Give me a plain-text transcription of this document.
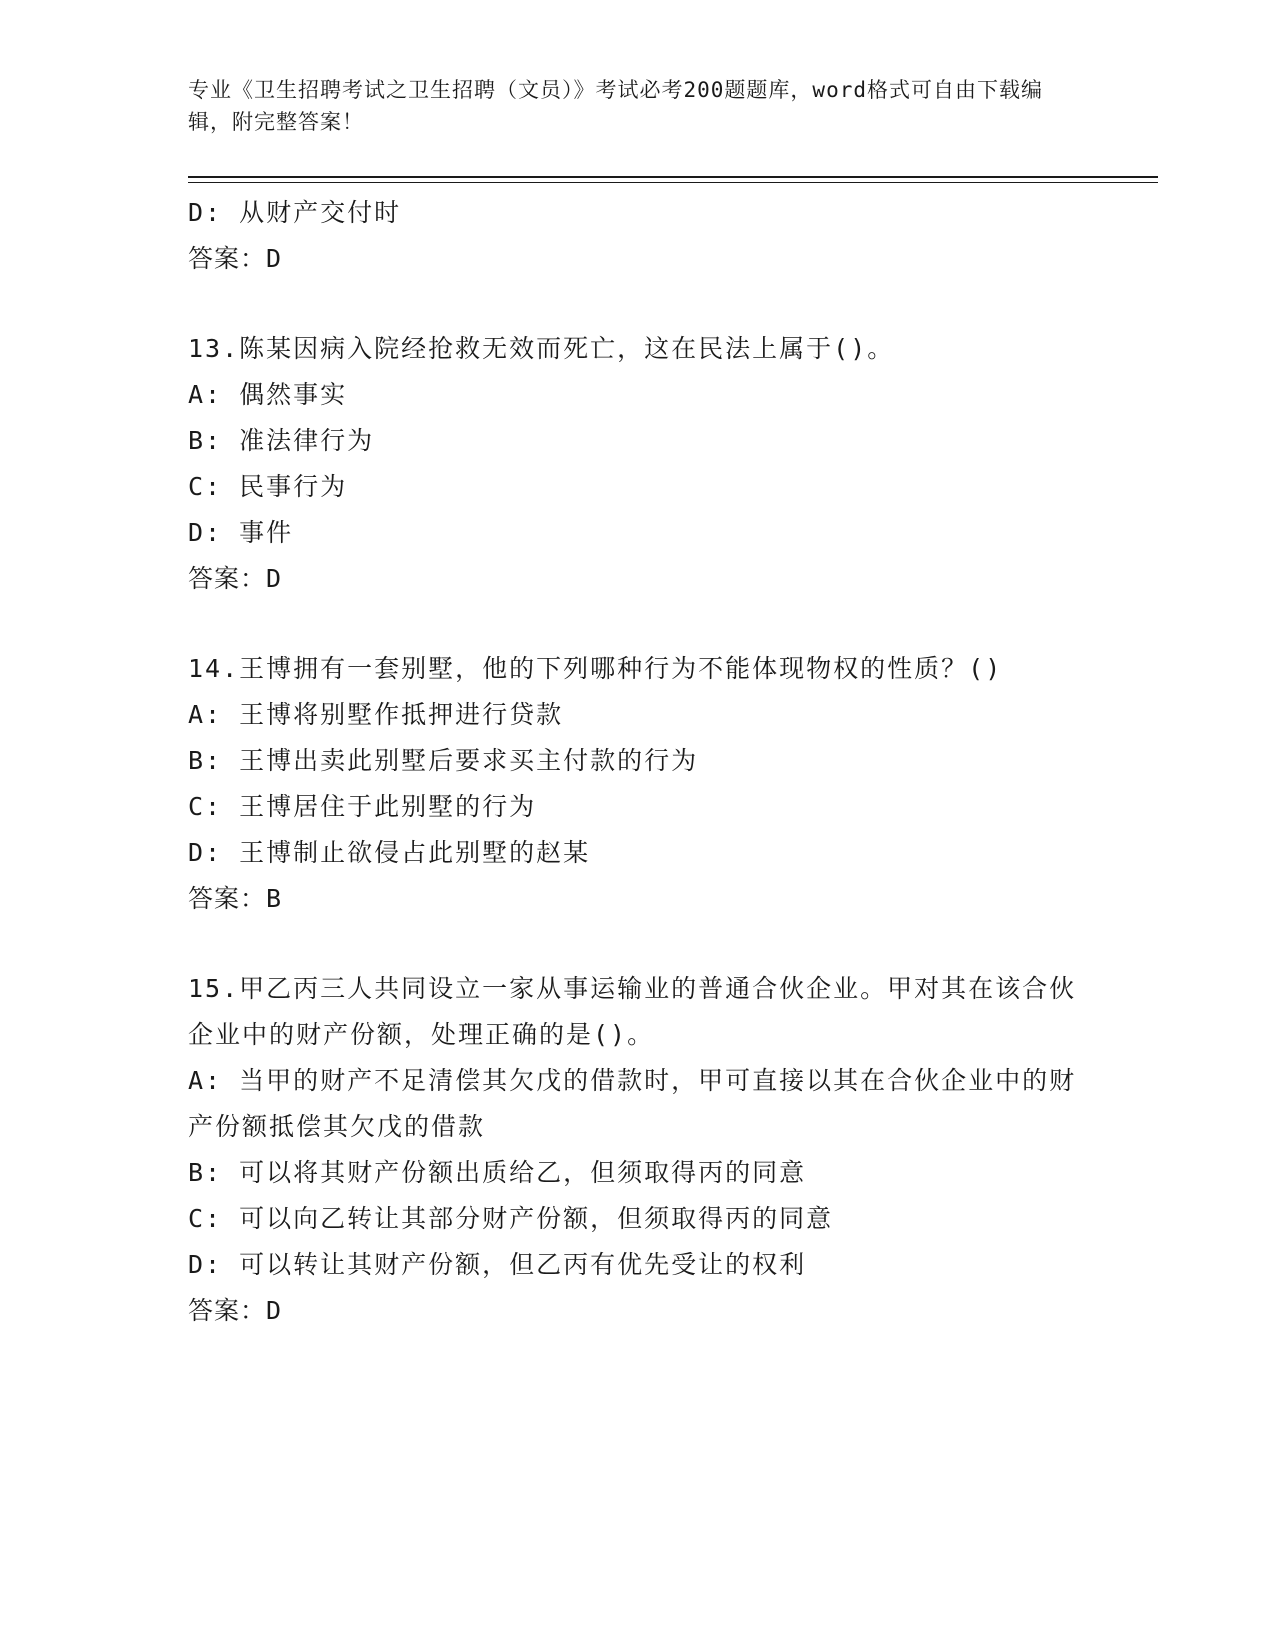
专业《卫生招聘考试之卫生招聘（文员）》考试必考200题题库，word格式可自由下载编辑，附完整答案！
D: 从财产交付时
答案：D
13.陈某因病入院经抢救无效而死亡，这在民法上属于()。
A: 偶然事实
B: 准法律行为
C: 民事行为
D: 事件
答案：D
14.王博拥有一套别墅，他的下列哪种行为不能体现物权的性质？()
A: 王博将别墅作抵押进行贷款
B: 王博出卖此别墅后要求买主付款的行为
C: 王博居住于此别墅的行为
D: 王博制止欲侵占此别墅的赵某
答案：B
15.甲乙丙三人共同设立一家从事运输业的普通合伙企业。甲对其在该合伙企业中的财产份额，处理正确的是()。
A: 当甲的财产不足清偿其欠戊的借款时，甲可直接以其在合伙企业中的财产份额抵偿其欠戊的借款
B: 可以将其财产份额出质给乙，但须取得丙的同意
C: 可以向乙转让其部分财产份额，但须取得丙的同意
D: 可以转让其财产份额，但乙丙有优先受让的权利
答案：D
